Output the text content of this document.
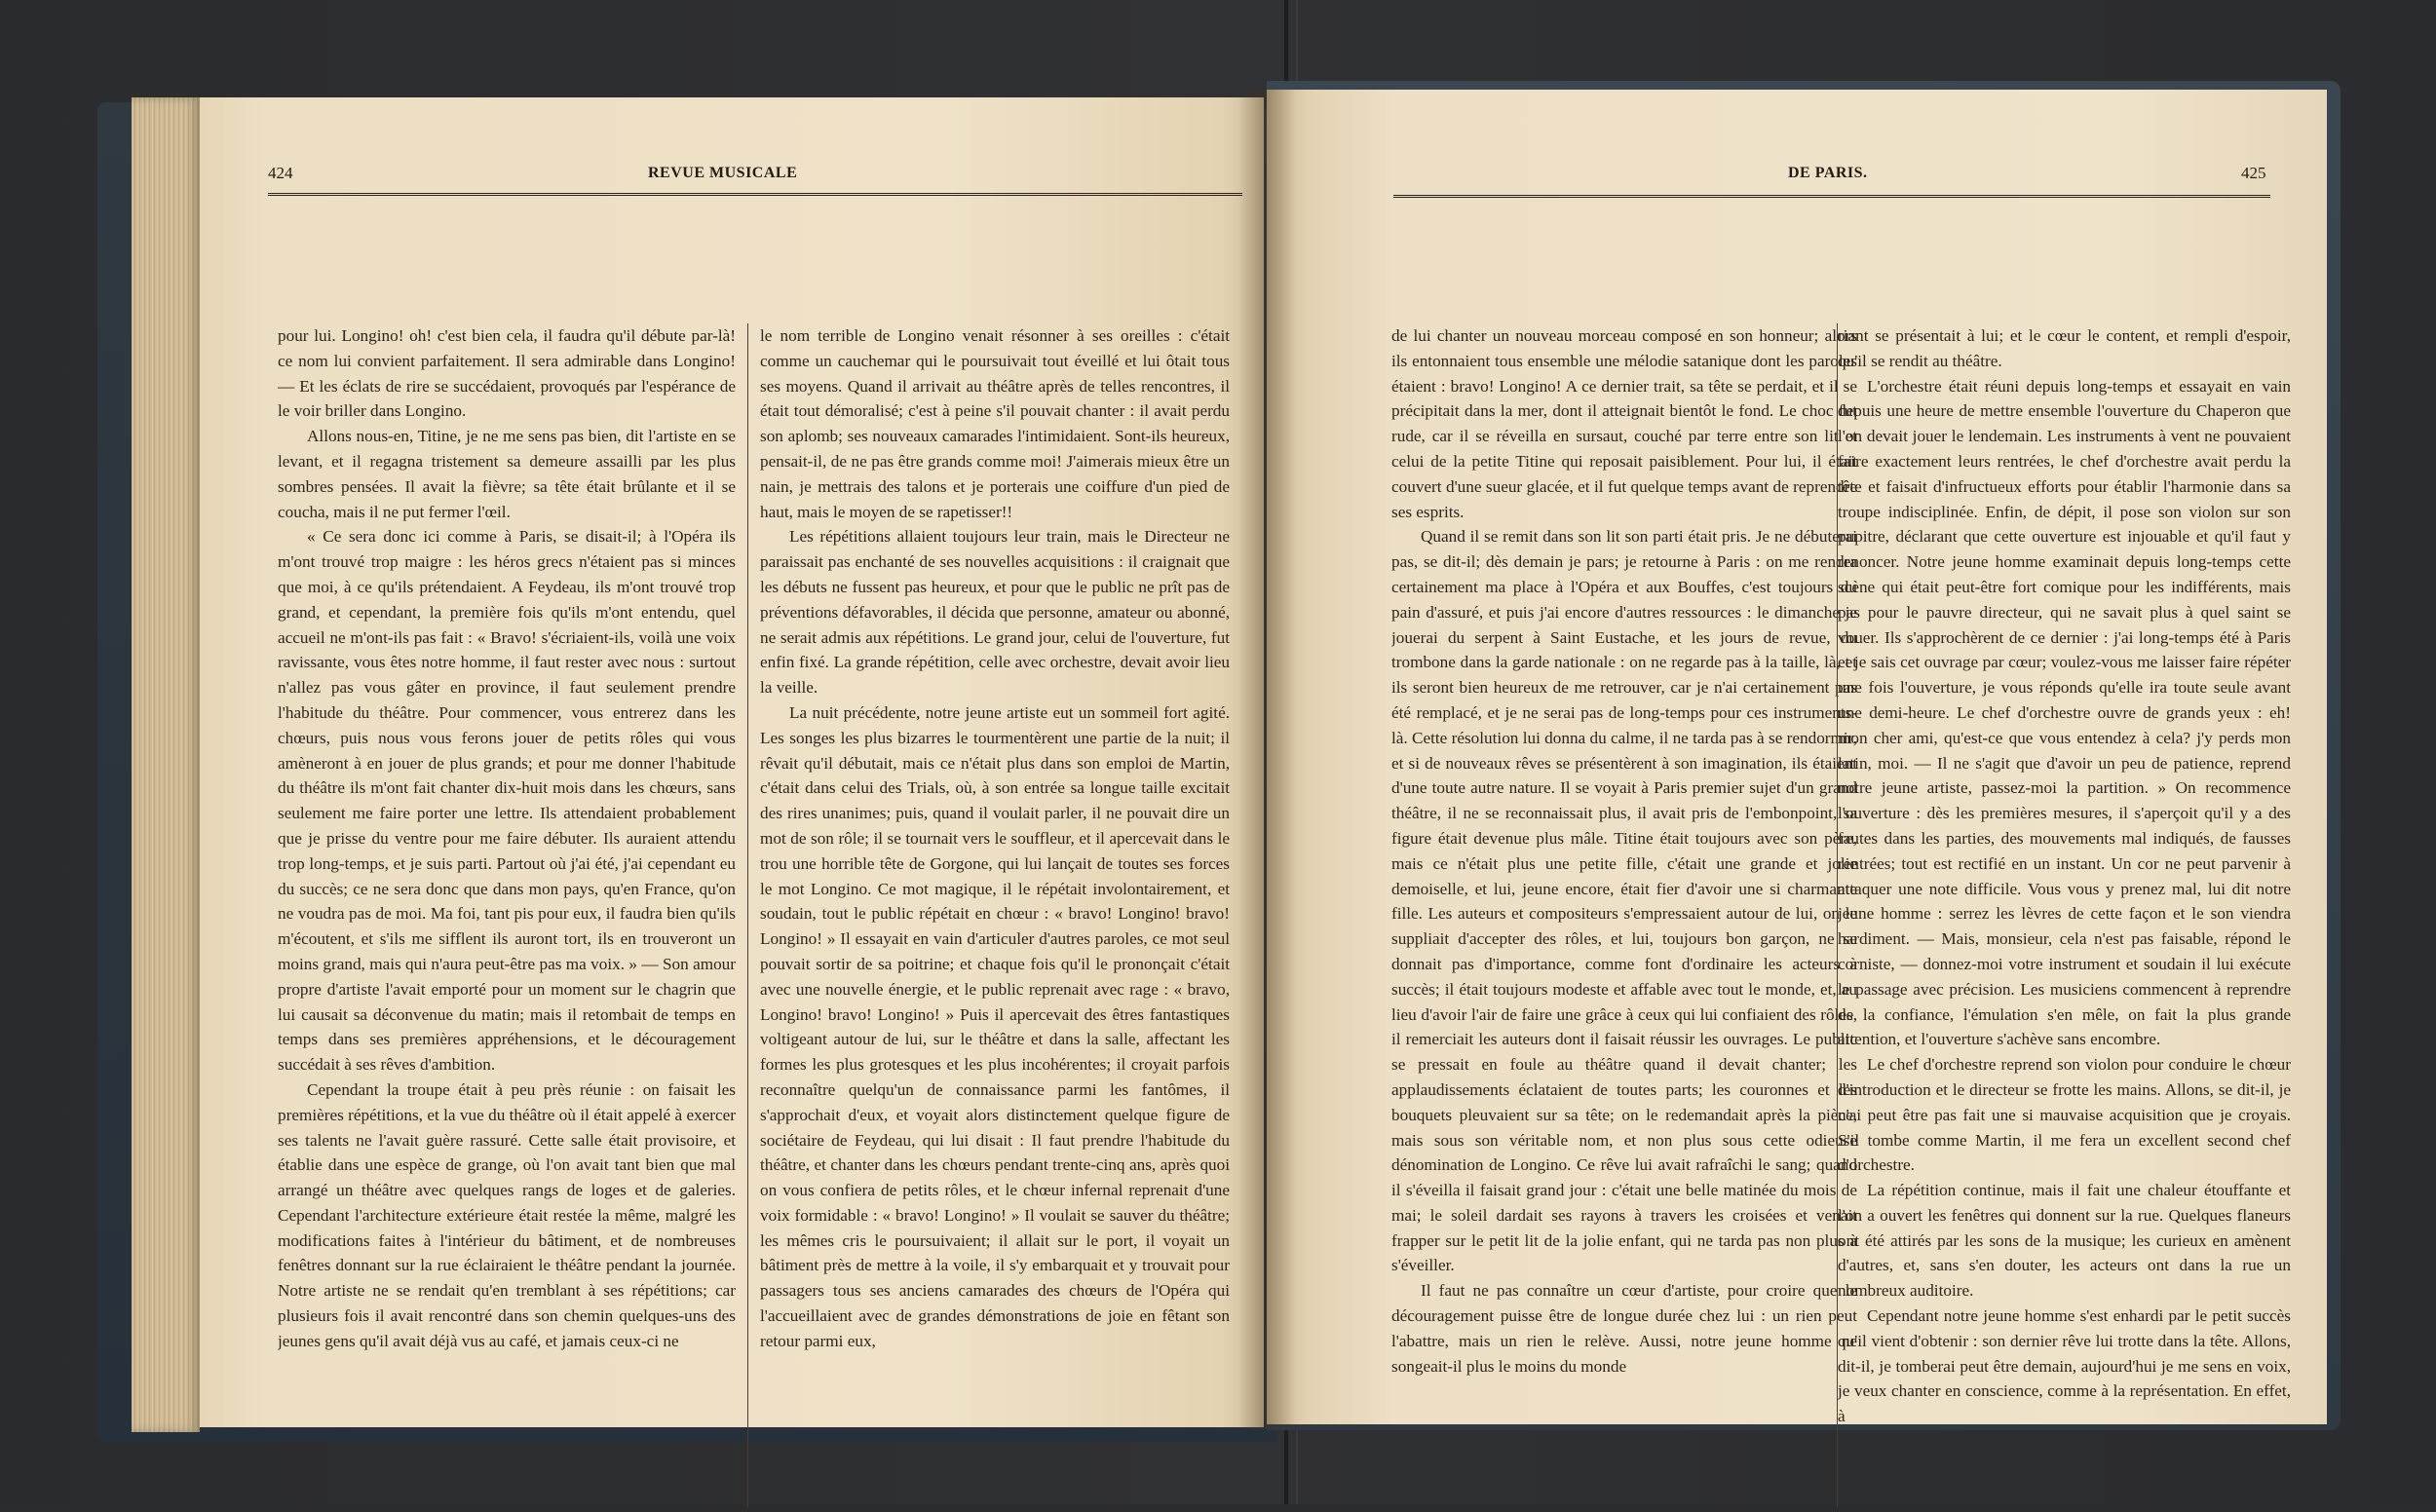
424	REVUE MUSICALE

pour lui. Longino! oh! c'est bien cela, il faudra qu'il débute par-là! ce nom lui convient parfaitement. Il sera admirable dans Longino! — Et les éclats de rire se succédaient, provoqués par l'espérance de le voir briller dans Longino.

Allons nous-en, Titine, je ne me sens pas bien, dit l'artiste en se levant, et il regagna tristement sa demeure assailli par les plus sombres pensées. Il avait la fièvre; sa tête était brûlante et il se coucha, mais il ne put fermer l'œil.

« Ce sera donc ici comme à Paris, se disait-il; à l'Opéra ils m'ont trouvé trop maigre : les héros grecs n'étaient pas si minces que moi, à ce qu'ils prétendaient. A Feydeau, ils m'ont trouvé trop grand, et cependant, la première fois qu'ils m'ont entendu, quel accueil ne m'ont-ils pas fait : « Bravo! s'écriaient-ils, voilà une voix ravissante, vous êtes notre homme, il faut rester avec nous : surtout n'allez pas vous gâter en province, il faut seulement prendre l'habitude du théâtre. Pour commencer, vous entrerez dans les chœurs, puis nous vous ferons jouer de petits rôles qui vous amèneront à en jouer de plus grands; et pour me donner l'habitude du théâtre ils m'ont fait chanter dix-huit mois dans les chœurs, sans seulement me faire porter une lettre. Ils attendaient probablement que je prisse du ventre pour me faire débuter. Ils auraient attendu trop long-temps, et je suis parti. Partout où j'ai été, j'ai cependant eu du succès; ce ne sera donc que dans mon pays, qu'en France, qu'on ne voudra pas de moi. Ma foi, tant pis pour eux, il faudra bien qu'ils m'écoutent, et s'ils me sifflent ils auront tort, ils en trouveront un moins grand, mais qui n'aura peut-être pas ma voix. » — Son amour propre d'artiste l'avait emporté pour un moment sur le chagrin que lui causait sa déconvenue du matin; mais il retombait de temps en temps dans ses premières appréhensions, et le découragement succédait à ses rêves d'ambition.

Cependant la troupe était à peu près réunie : on faisait les premières répétitions, et la vue du théâtre où il était appelé à exercer ses talents ne l'avait guère rassuré. Cette salle était provisoire, et établie dans une espèce de grange, où l'on avait tant bien que mal arrangé un théâtre avec quelques rangs de loges et de galeries. Cependant l'architecture extérieure était restée la même, malgré les modifications faites à l'intérieur du bâtiment, et de nombreuses fenêtres donnant sur la rue éclairaient le théâtre pendant la journée. Notre artiste ne se rendait qu'en tremblant à ses répétitions; car plusieurs fois il avait rencontré dans son chemin quelques-uns des jeunes gens qu'il avait déjà vus au café, et jamais ceux-ci ne

le nom terrible de Longino venait résonner à ses oreilles : c'était comme un cauchemar qui le poursuivait tout éveillé et lui ôtait tous ses moyens. Quand il arrivait au théâtre après de telles rencontres, il était tout démoralisé; c'est à peine s'il pouvait chanter : il avait perdu son aplomb; ses nouveaux camarades l'intimidaient. Sont-ils heureux, pensait-il, de ne pas être grands comme moi! J'aimerais mieux être un nain, je mettrais des talons et je porterais une coiffure d'un pied de haut, mais le moyen de se rapetisser!!

Les répétitions allaient toujours leur train, mais le Directeur ne paraissait pas enchanté de ses nouvelles acquisitions : il craignait que les débuts ne fussent pas heureux, et pour que le public ne prît pas de préventions défavorables, il décida que personne, amateur ou abonné, ne serait admis aux répétitions. Le grand jour, celui de l'ouverture, fut enfin fixé. La grande répétition, celle avec orchestre, devait avoir lieu la veille.

La nuit précédente, notre jeune artiste eut un sommeil fort agité. Les songes les plus bizarres le tourmentèrent une partie de la nuit; il rêvait qu'il débutait, mais ce n'était plus dans son emploi de Martin, c'était dans celui des Trials, où, à son entrée sa longue taille excitait des rires unanimes; puis, quand il voulait parler, il ne pouvait dire un mot de son rôle; il se tournait vers le souffleur, et il apercevait dans le trou une horrible tête de Gorgone, qui lui lançait de toutes ses forces le mot Longino. Ce mot magique, il le répétait involontairement, et soudain, tout le public répétait en chœur : « bravo! Longino! bravo! Longino! » Il essayait en vain d'articuler d'autres paroles, ce mot seul pouvait sortir de sa poitrine; et chaque fois qu'il le prononçait c'était avec une nouvelle énergie, et le public reprenait avec rage : « bravo, Longino! bravo! Longino! » Puis il apercevait des êtres fantastiques voltigeant autour de lui, sur le théâtre et dans la salle, affectant les formes les plus grotesques et les plus incohérentes; il croyait parfois reconnaître quelqu'un de connaissance parmi les fantômes, il s'approchait d'eux, et voyait alors distinctement quelque figure de sociétaire de Feydeau, qui lui disait : Il faut prendre l'habitude du théâtre, et chanter dans les chœurs pendant trente-cinq ans, après quoi on vous confiera de petits rôles, et le chœur infernal reprenait d'une voix formidable : « bravo! Longino! » Il voulait se sauver du théâtre; les mêmes cris le poursuivaient; il allait sur le port, il voyait un bâtiment près de mettre à la voile, il s'y embarquait et y trouvait pour passagers tous ses anciens camarades des chœurs de l'Opéra qui l'accueillaient avec de grandes démonstrations de joie en fêtant son retour parmi eux,

DE PARIS.	425

de lui chanter un nouveau morceau composé en son honneur; alors ils entonnaient tous ensemble une mélodie satanique dont les paroles étaient : bravo! Longino! A ce dernier trait, sa tête se perdait, et il se précipitait dans la mer, dont il atteignait bientôt le fond. Le choc fut rude, car il se réveilla en sursaut, couché par terre entre son lit et celui de la petite Titine qui reposait paisiblement. Pour lui, il était couvert d'une sueur glacée, et il fut quelque temps avant de reprendre ses esprits.

Quand il se remit dans son lit son parti était pris. Je ne débuterai pas, se dit-il; dès demain je pars; je retourne à Paris : on me rendra certainement ma place à l'Opéra et aux Bouffes, c'est toujours du pain d'assuré, et puis j'ai encore d'autres ressources : le dimanche je jouerai du serpent à Saint Eustache, et les jours de revue, du trombone dans la garde nationale : on ne regarde pas à la taille, là, et ils seront bien heureux de me retrouver, car je n'ai certainement pas été remplacé, et je ne serai pas de long-temps pour ces instruments-là. Cette résolution lui donna du calme, il ne tarda pas à se rendormir, et si de nouveaux rêves se présentèrent à son imagination, ils étaient d'une toute autre nature. Il se voyait à Paris premier sujet d'un grand théâtre, il ne se reconnaissait plus, il avait pris de l'embonpoint, sa figure était devenue plus mâle. Titine était toujours avec son père, mais ce n'était plus une petite fille, c'était une grande et jolie demoiselle, et lui, jeune encore, était fier d'avoir une si charmante fille. Les auteurs et compositeurs s'empressaient autour de lui, on le suppliait d'accepter des rôles, et lui, toujours bon garçon, ne se donnait pas d'importance, comme font d'ordinaire les acteurs à succès; il était toujours modeste et affable avec tout le monde, et, au lieu d'avoir l'air de faire une grâce à ceux qui lui confiaient des rôles, il remerciait les auteurs dont il faisait réussir les ouvrages. Le public se pressait en foule au théâtre quand il devait chanter; les applaudissements éclataient de toutes parts; les couronnes et les bouquets pleuvaient sur sa tête; on le redemandait après la pièce, mais sous son véritable nom, et non plus sous cette odieuse dénomination de Longino. Ce rêve lui avait rafraîchi le sang; quand il s'éveilla il faisait grand jour : c'était une belle matinée du mois de mai; le soleil dardait ses rayons à travers les croisées et venait frapper sur le petit lit de la jolie enfant, qui ne tarda pas non plus à s'éveiller.

Il faut ne pas connaître un cœur d'artiste, pour croire que le découragement puisse être de longue durée chez lui : un rien peut l'abattre, mais un rien le relève. Aussi, notre jeune homme ne songeait-il plus le moins du monde

riant se présentait à lui; et le cœur le content, et rempli d'espoir, qu'il se rendit au théâtre.

L'orchestre était réuni depuis long-temps et essayait en vain depuis une heure de mettre ensemble l'ouverture du Chaperon que l'on devait jouer le lendemain. Les instruments à vent ne pouvaient faire exactement leurs rentrées, le chef d'orchestre avait perdu la tête et faisait d'infructueux efforts pour établir l'harmonie dans sa troupe indisciplinée. Enfin, de dépit, il pose son violon sur son pupitre, déclarant que cette ouverture est injouable et qu'il faut y renoncer. Notre jeune homme examinait depuis long-temps cette scène qui était peut-être fort comique pour les indifférents, mais pas pour le pauvre directeur, qui ne savait plus à quel saint se vouer. Ils s'approchèrent de ce dernier : j'ai long-temps été à Paris et je sais cet ouvrage par cœur; voulez-vous me laisser faire répéter une fois l'ouverture, je vous réponds qu'elle ira toute seule avant une demi-heure. Le chef d'orchestre ouvre de grands yeux : eh! mon cher ami, qu'est-ce que vous entendez à cela? j'y perds mon latin, moi. — Il ne s'agit que d'avoir un peu de patience, reprend notre jeune artiste, passez-moi la partition. » On recommence l'ouverture : dès les premières mesures, il s'aperçoit qu'il y a des fautes dans les parties, des mouvements mal indiqués, de fausses rentrées; tout est rectifié en un instant. Un cor ne peut parvenir à attaquer une note difficile. Vous vous y prenez mal, lui dit notre jeune homme : serrez les lèvres de cette façon et le son viendra hardiment. — Mais, monsieur, cela n'est pas faisable, répond le corniste, — donnez-moi votre instrument et soudain il lui exécute le passage avec précision. Les musiciens commencent à reprendre de la confiance, l'émulation s'en mêle, on fait la plus grande attention, et l'ouverture s'achève sans encombre.

Le chef d'orchestre reprend son violon pour conduire le chœur d'introduction et le directeur se frotte les mains. Allons, se dit-il, je n'ai peut être pas fait une si mauvaise acquisition que je croyais. S'il tombe comme Martin, il me fera un excellent second chef d'orchestre.

La répétition continue, mais il fait une chaleur étouffante et l'on a ouvert les fenêtres qui donnent sur la rue. Quelques flaneurs ont été attirés par les sons de la musique; les curieux en amènent d'autres, et, sans s'en douter, les acteurs ont dans la rue un nombreux auditoire.

Cependant notre jeune homme s'est enhardi par le petit succès qu'il vient d'obtenir : son dernier rêve lui trotte dans la tête. Allons, dit-il, je tomberai peut être demain, aujourd'hui je me sens en voix, je veux chanter en conscience, comme à la représentation. En effet, à
